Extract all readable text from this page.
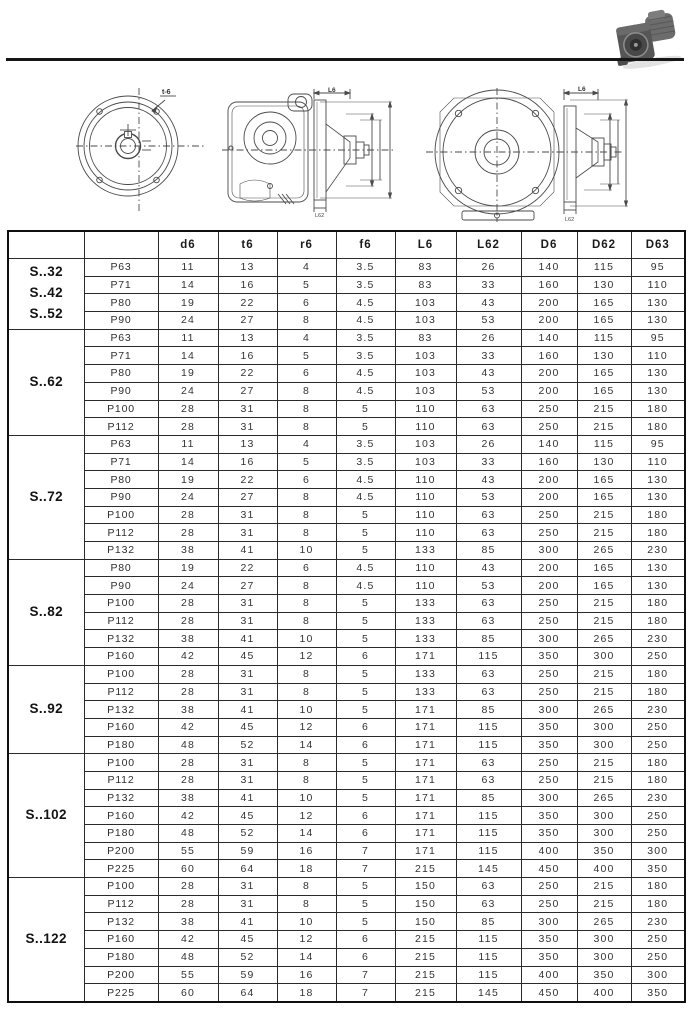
t-6	L6
L62
L6
L62
		d6	t6	r6	f6	L6	L62	D6	D62	D63

S..32
S..42
S..52	P63	11	13	4	3.5	83	26	140	115	95
	P71	14	16	5	3.5	83	33	160	130	110
	P80	19	22	6	4.5	103	43	200	165	130
	P90	24	27	8	4.5	103	53	200	165	130

S..62	P63	11	13	4	3.5	83	26	140	115	95
	P71	14	16	5	3.5	103	33	160	130	110
	P80	19	22	6	4.5	103	43	200	165	130
	P90	24	27	8	4.5	103	53	200	165	130
	P100	28	31	8	5	110	63	250	215	180
	P112	28	31	8	5	110	63	250	215	180

S..72	P63	11	13	4	3.5	103	26	140	115	95
	P71	14	16	5	3.5	103	33	160	130	110
	P80	19	22	6	4.5	110	43	200	165	130
	P90	24	27	8	4.5	110	53	200	165	130
	P100	28	31	8	5	110	63	250	215	180
	P112	28	31	8	5	110	63	250	215	180
	P132	38	41	10	5	133	85	300	265	230

S..82	P80	19	22	6	4.5	110	43	200	165	130
	P90	24	27	8	4.5	110	53	200	165	130
	P100	28	31	8	5	133	63	250	215	180
	P112	28	31	8	5	133	63	250	215	180
	P132	38	41	10	5	133	85	300	265	230
	P160	42	45	12	6	171	115	350	300	250

S..92	P100	28	31	8	5	133	63	250	215	180
	P112	28	31	8	5	133	63	250	215	180
	P132	38	41	10	5	171	85	300	265	230
	P160	42	45	12	6	171	115	350	300	250
	P180	48	52	14	6	171	115	350	300	250

S..102	P100	28	31	8	5	171	63	250	215	180
	P112	28	31	8	5	171	63	250	215	180
	P132	38	41	10	5	171	85	300	265	230
	P160	42	45	12	6	171	115	350	300	250
	P180	48	52	14	6	171	115	350	300	250
	P200	55	59	16	7	171	115	400	350	300
	P225	60	64	18	7	215	145	450	400	350

S..122	P100	28	31	8	5	150	63	250	215	180
	P112	28	31	8	5	150	63	250	215	180
	P132	38	41	10	5	150	85	300	265	230
	P160	42	45	12	6	215	115	350	300	250
	P180	48	52	14	6	215	115	350	300	250
	P200	55	59	16	7	215	115	400	350	300
	P225	60	64	18	7	215	145	450	400	350
